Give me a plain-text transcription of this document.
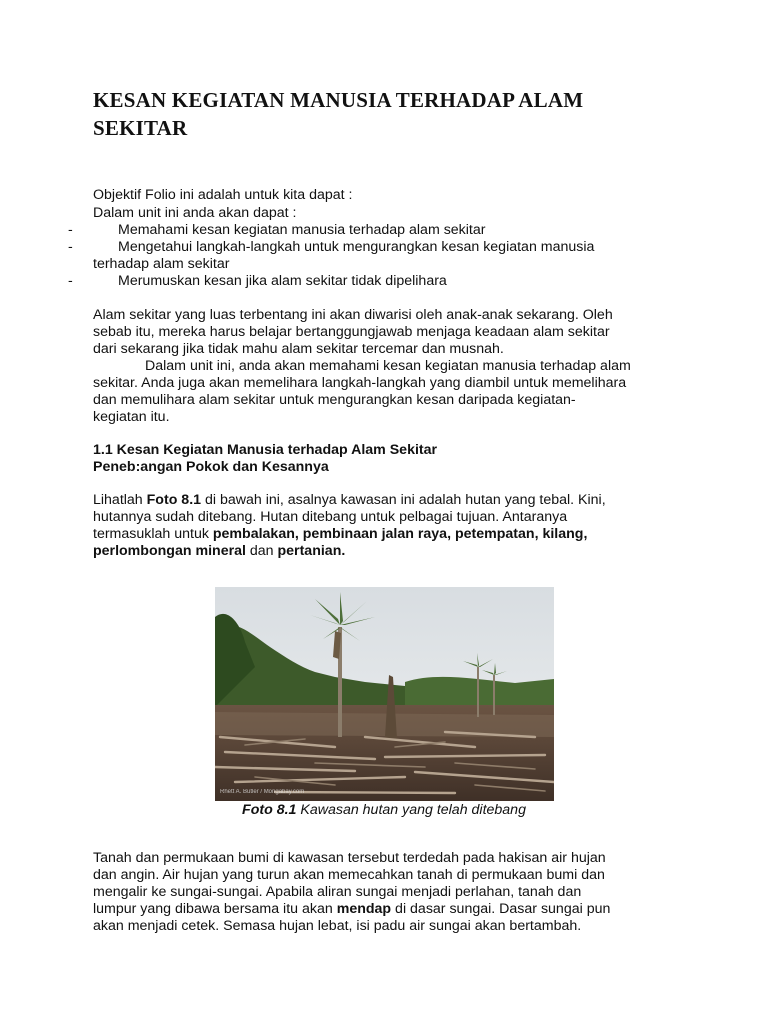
KESAN KEGIATAN MANUSIA TERHADAP ALAM
SEKITAR
Objektif Folio ini adalah untuk kita dapat :
Dalam unit ini anda akan dapat :
-	Memahami kesan kegiatan manusia terhadap alam sekitar
-	Mengetahui langkah-langkah untuk mengurangkan kesan kegiatan manusia
terhadap alam sekitar
-	Merumuskan kesan jika alam sekitar tidak dipelihara
Alam sekitar yang luas terbentang ini akan diwarisi oleh anak-anak sekarang. Oleh
sebab itu, mereka harus belajar bertanggungjawab menjaga keadaan alam sekitar
dari sekarang jika tidak mahu alam sekitar tercemar dan musnah.
Dalam unit ini, anda akan memahami kesan kegiatan manusia terhadap alam
sekitar. Anda juga akan memelihara langkah-langkah yang diambil untuk memelihara
dan memulihara alam sekitar untuk mengurangkan kesan daripada kegiatan-
kegiatan itu.
1.1 Kesan Kegiatan Manusia terhadap Alam Sekitar
Peneb:angan Pokok dan Kesannya
Lihatlah Foto 8.1 di bawah ini, asalnya kawasan ini adalah hutan yang tebal. Kini,
hutannya sudah ditebang. Hutan ditebang untuk pelbagai tujuan. Antaranya
termasuklah untuk pembalakan, pembinaan jalan raya, petempatan, kilang,
perlombongan mineral dan pertanian.
Rhett A. Butler / Mongabay.com
Foto 8.1 Kawasan hutan yang telah ditebang
Tanah dan permukaan bumi di kawasan tersebut terdedah pada hakisan air hujan
dan angin. Air hujan yang turun akan memecahkan tanah di permukaan bumi dan
mengalir ke sungai-sungai. Apabila aliran sungai menjadi perlahan, tanah dan
lumpur yang dibawa bersama itu akan mendap di dasar sungai. Dasar sungai pun
akan menjadi cetek. Semasa hujan lebat, isi padu air sungai akan bertambah.
